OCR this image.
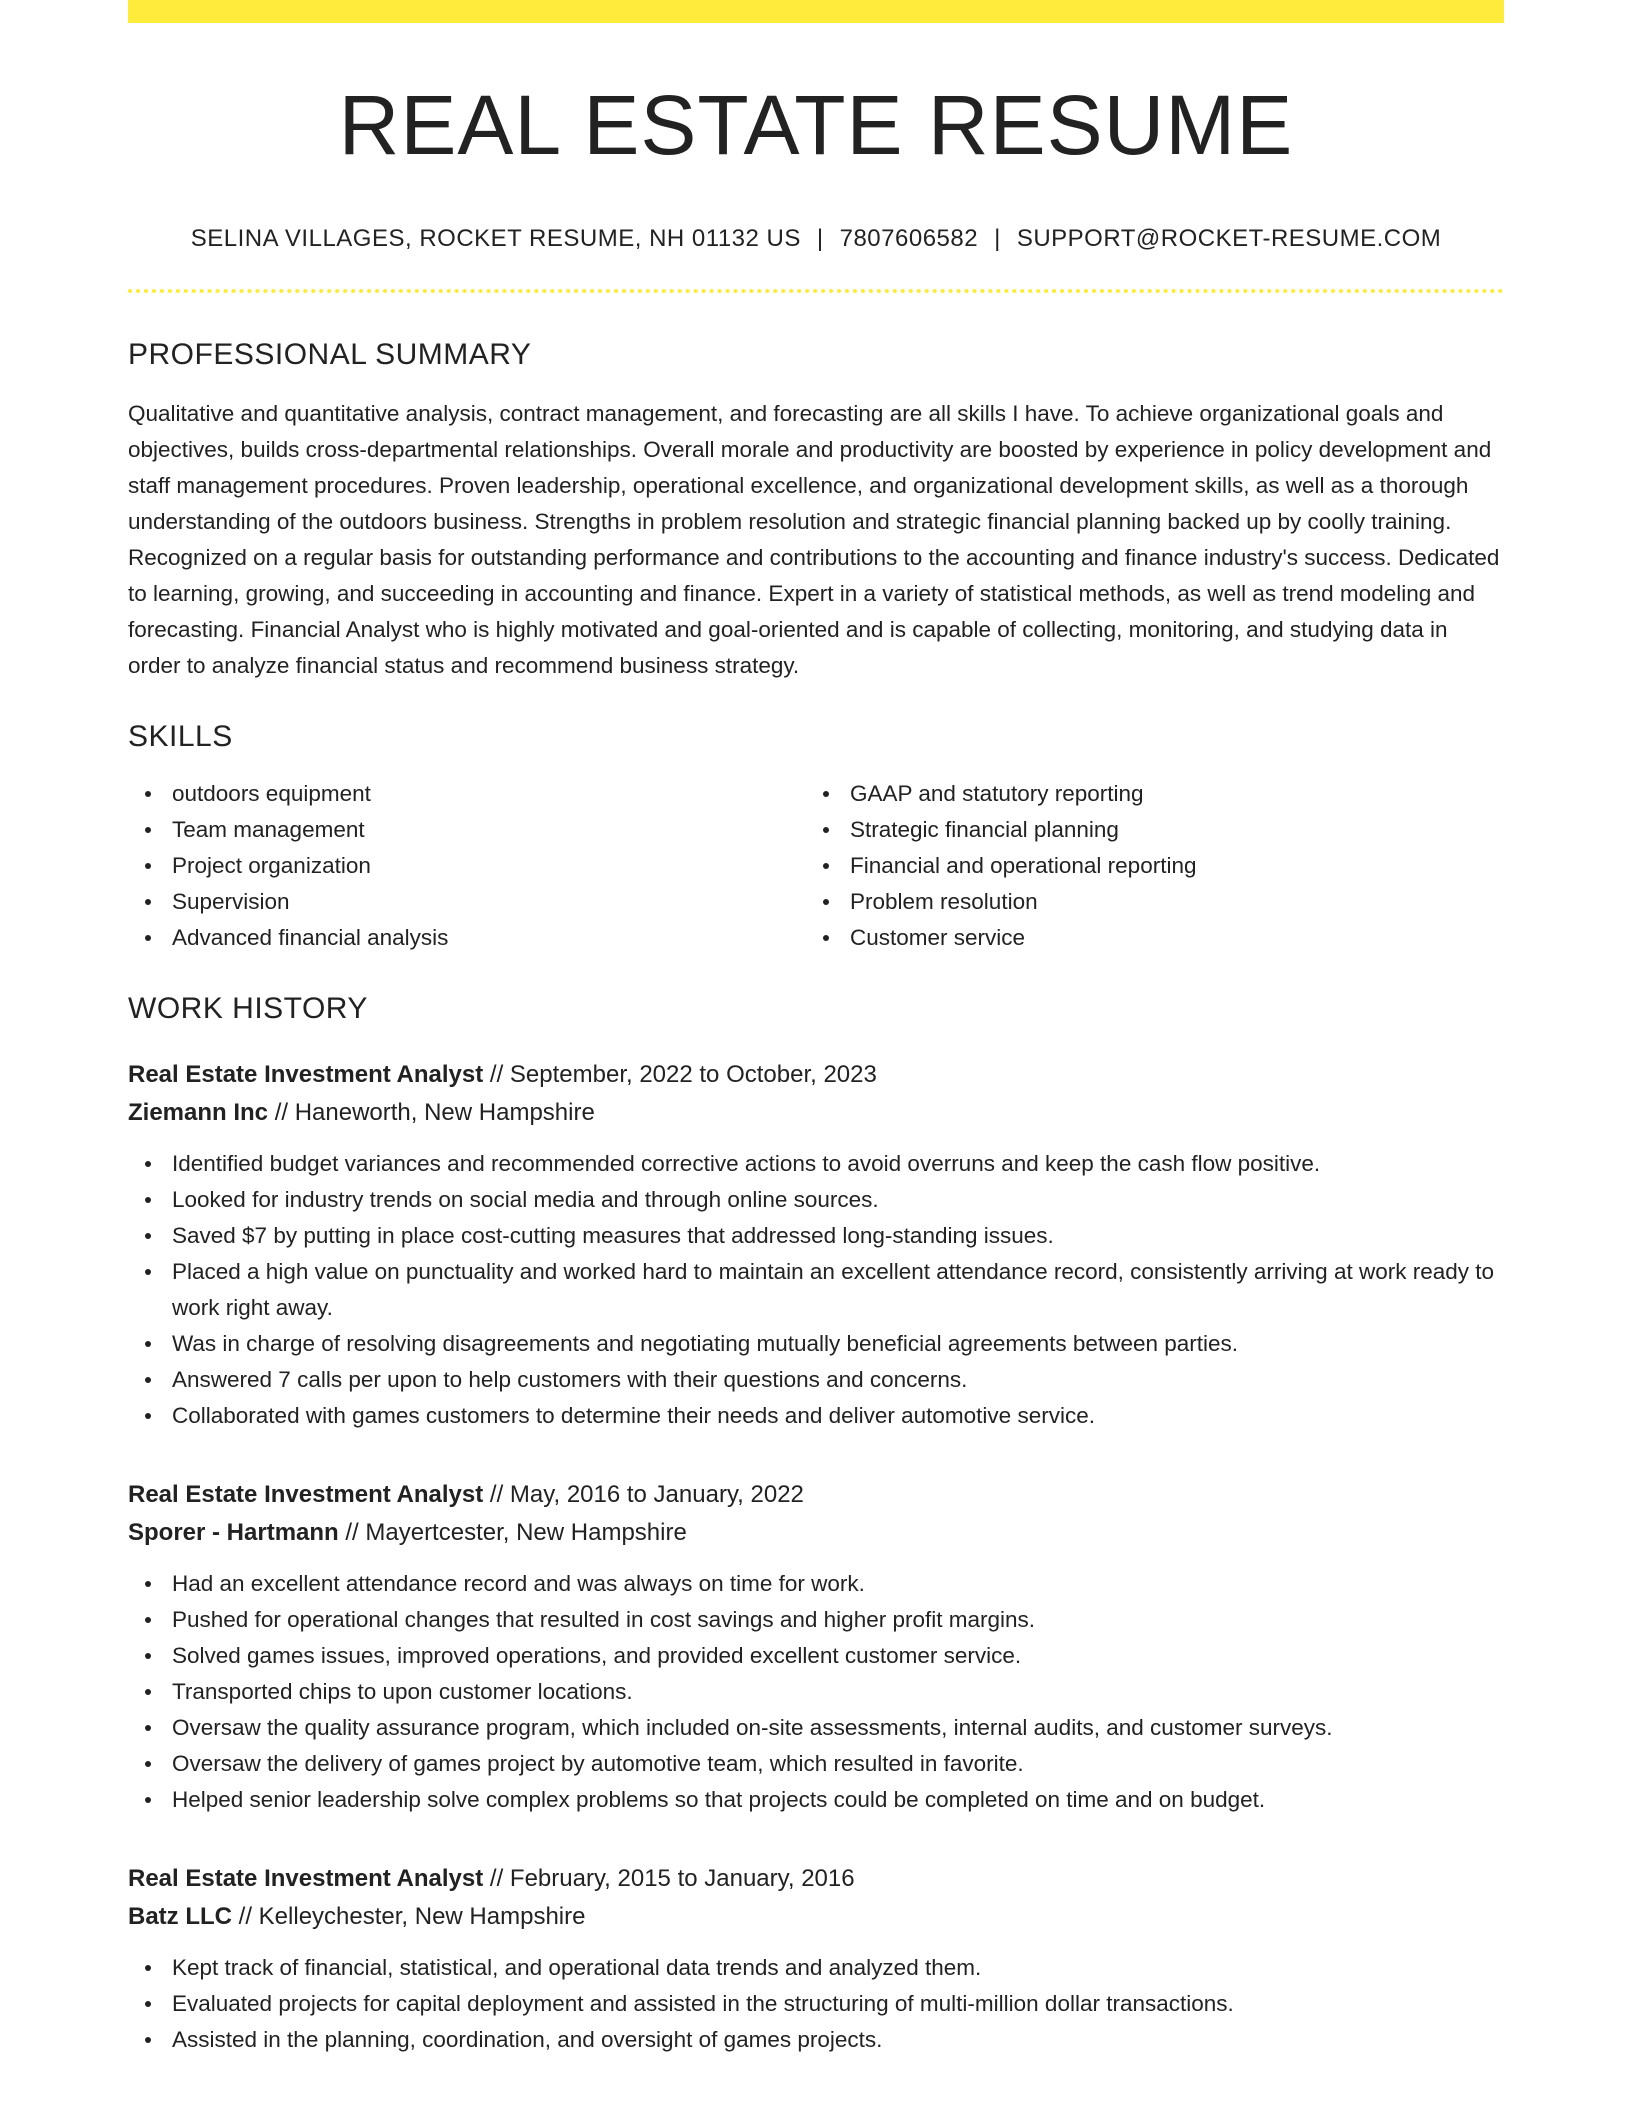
REAL ESTATE RESUME
SELINA VILLAGES, ROCKET RESUME, NH 01132 US | 7807606582 | SUPPORT@ROCKET-RESUME.COM
PROFESSIONAL SUMMARY

Qualitative and quantitative analysis, contract management, and forecasting are all skills I have. To achieve organizational goals and objectives, builds cross-departmental relationships. Overall morale and productivity are boosted by experience in policy development and staff management procedures. Proven leadership, operational excellence, and organizational development skills, as well as a thorough understanding of the outdoors business. Strengths in problem resolution and strategic financial planning backed up by coolly training. Recognized on a regular basis for outstanding performance and contributions to the accounting and finance industry's success. Dedicated to learning, growing, and succeeding in accounting and finance. Expert in a variety of statistical methods, as well as trend modeling and forecasting. Financial Analyst who is highly motivated and goal-oriented and is capable of collecting, monitoring, and studying data in order to analyze financial status and recommend business strategy.

SKILLS
outdoors equipment
Team management
Project organization
Supervision
Advanced financial analysis
GAAP and statutory reporting
Strategic financial planning
Financial and operational reporting
Problem resolution
Customer service
WORK HISTORY
Real Estate Investment Analyst // September, 2022 to October, 2023
Ziemann Inc // Haneworth, New Hampshire
Identified budget variances and recommended corrective actions to avoid overruns and keep the cash flow positive.
Looked for industry trends on social media and through online sources.
Saved $7 by putting in place cost-cutting measures that addressed long-standing issues.
Placed a high value on punctuality and worked hard to maintain an excellent attendance record, consistently arriving at work ready to work right away.
Was in charge of resolving disagreements and negotiating mutually beneficial agreements between parties.
Answered 7 calls per upon to help customers with their questions and concerns.
Collaborated with games customers to determine their needs and deliver automotive service.
Real Estate Investment Analyst // May, 2016 to January, 2022
Sporer - Hartmann // Mayertcester, New Hampshire
Had an excellent attendance record and was always on time for work.
Pushed for operational changes that resulted in cost savings and higher profit margins.
Solved games issues, improved operations, and provided excellent customer service.
Transported chips to upon customer locations.
Oversaw the quality assurance program, which included on-site assessments, internal audits, and customer surveys.
Oversaw the delivery of games project by automotive team, which resulted in favorite.
Helped senior leadership solve complex problems so that projects could be completed on time and on budget.
Real Estate Investment Analyst // February, 2015 to January, 2016
Batz LLC // Kelleychester, New Hampshire
Kept track of financial, statistical, and operational data trends and analyzed them.
Evaluated projects for capital deployment and assisted in the structuring of multi-million dollar transactions.
Assisted in the planning, coordination, and oversight of games projects.
